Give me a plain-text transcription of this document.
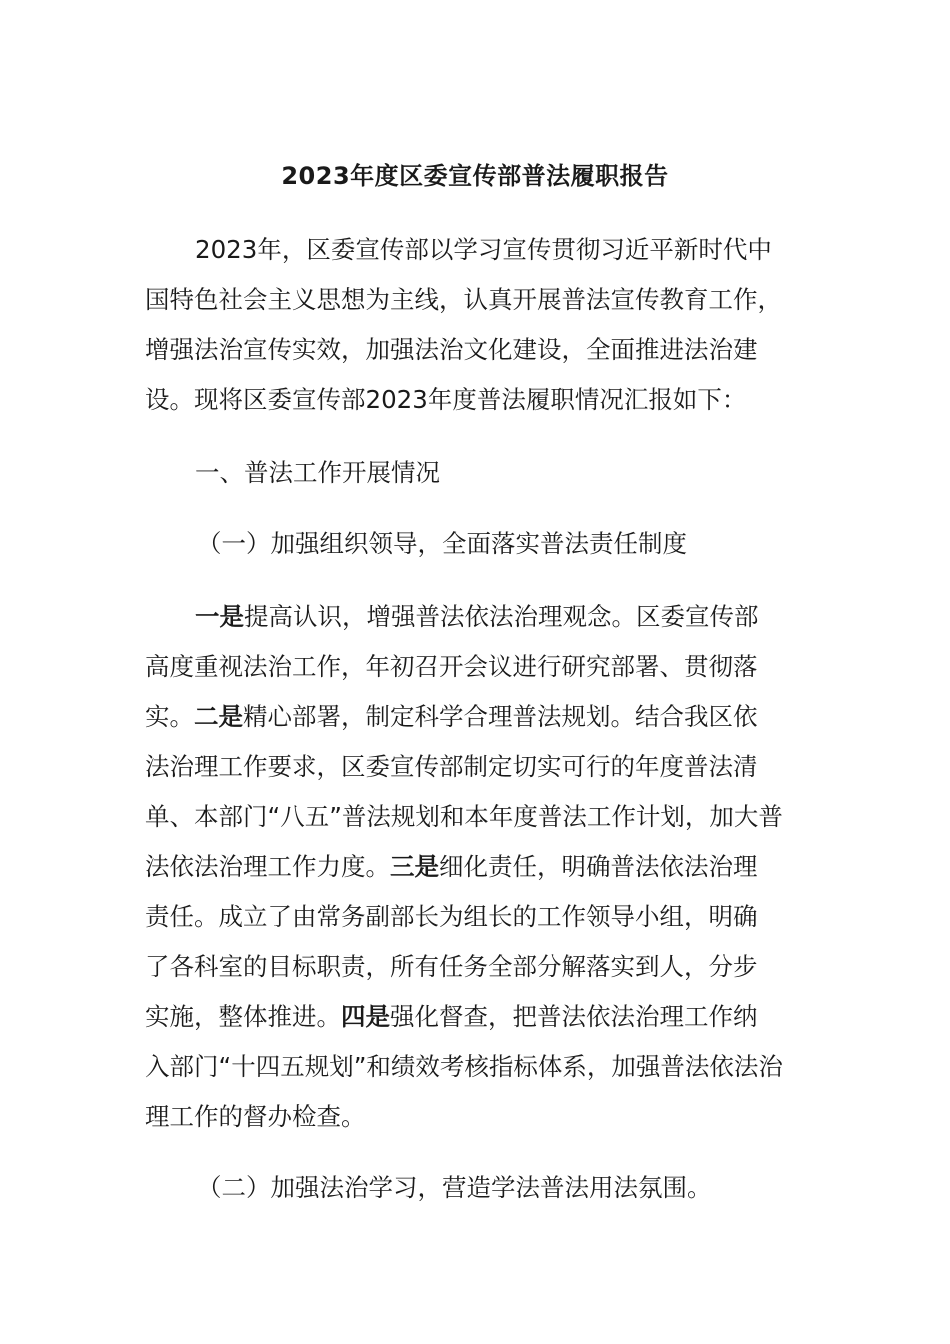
2023年度区委宣传部普法履职报告
2023年，区委宣传部以学习宣传贯彻习近平新时代中
国特色社会主义思想为主线，认真开展普法宣传教育工作，
增强法治宣传实效，加强法治文化建设，全面推进法治建
设。现将区委宣传部2023年度普法履职情况汇报如下：
一、普法工作开展情况
（一）加强组织领导，全面落实普法责任制度
一是提高认识，增强普法依法治理观念。区委宣传部
高度重视法治工作，年初召开会议进行研究部署、贯彻落
实。二是精心部署，制定科学合理普法规划。结合我区依
法治理工作要求，区委宣传部制定切实可行的年度普法清
单、本部门“八五”普法规划和本年度普法工作计划，加大普
法依法治理工作力度。三是细化责任，明确普法依法治理
责任。成立了由常务副部长为组长的工作领导小组，明确
了各科室的目标职责，所有任务全部分解落实到人，分步
实施，整体推进。四是强化督查，把普法依法治理工作纳
入部门“十四五规划”和绩效考核指标体系，加强普法依法治
理工作的督办检查。
（二）加强法治学习，营造学法普法用法氛围。
